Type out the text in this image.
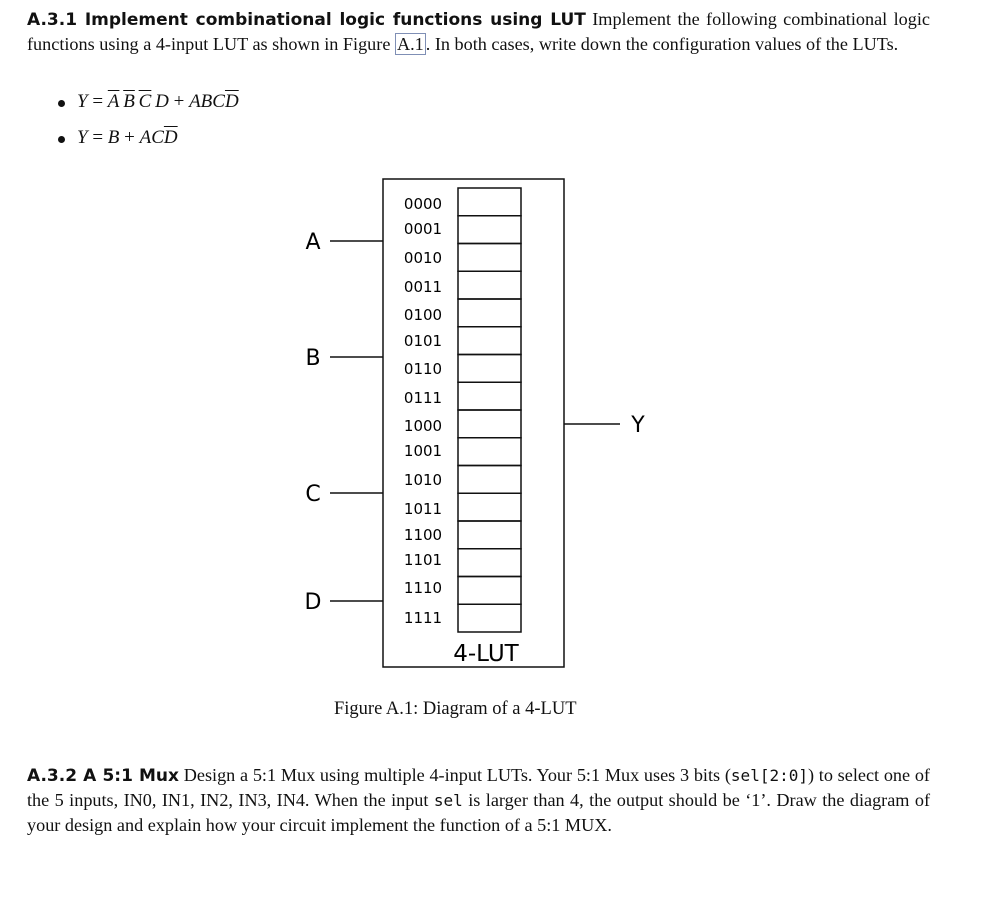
A.3.1 Implement combinational logic functions using LUT Implement the following combinational logic functions using a 4-input LUT as shown in Figure A.1 . In both cases, write down the configuration values of the LUTs.
$Y = \overline{A}$  $\overline{B}$  $\overline{C}$ $D + ABC\overline{D}$
$Y = B + AC\overline{D}$
0000
0001
0010
0011
0100
0101
0110
0111
1000
1001
1010
1011
1100
1101
1110
1111
A
B
C
D
Y
4-LUT
Figure A.1: Diagram of a 4-LUT
A.3.2 A 5:1 Mux Design a 5:1 Mux using multiple 4-input LUTs. Your 5:1 Mux uses 3 bits (sel[2:0]) to select one of the 5 inputs, IN0, IN1, IN2, IN3, IN4. When the input sel is larger than 4, the output should be ‘1’. Draw the diagram of your design and explain how your circuit implement the function of a 5:1 MUX.
